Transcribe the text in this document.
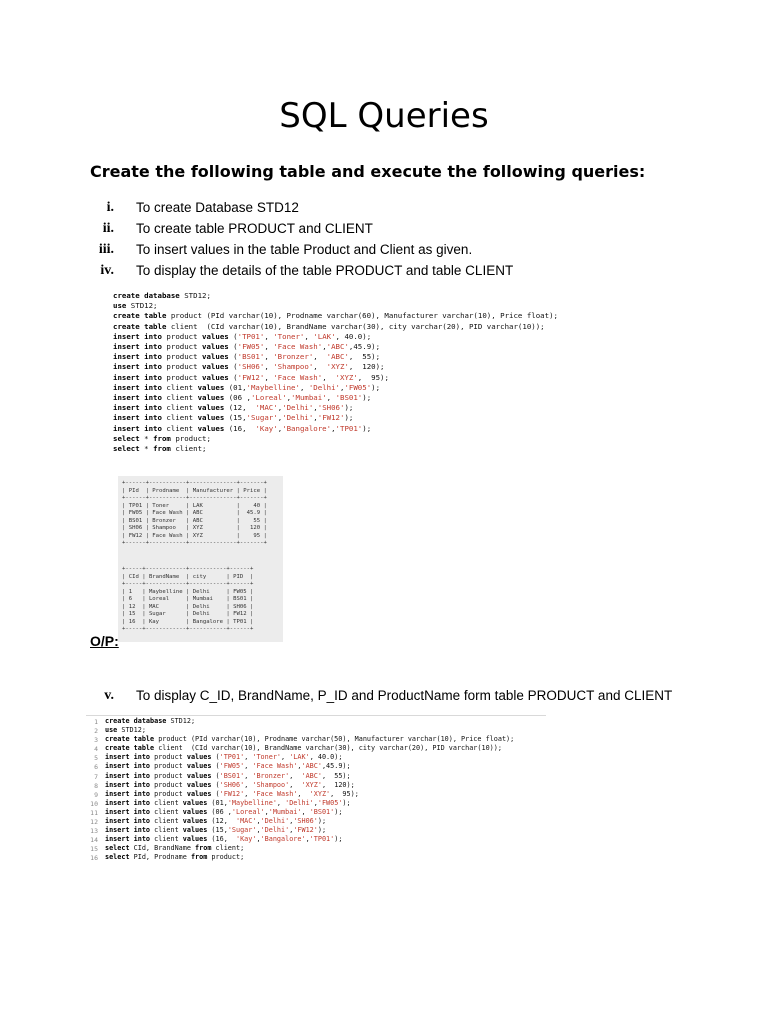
SQL Queries
Create the following table and execute the following queries:
i. To create Database STD12
ii. To create table PRODUCT and CLIENT
iii. To insert values in the table Product and Client as given.
iv. To display the details of the table PRODUCT and table CLIENT
create database STD12;
use STD12;
create table product (PId varchar(10), Prodname varchar(60), Manufacturer varchar(10), Price float);
create table client  (CId varchar(10), BrandName varchar(30), city varchar(20), PID varchar(10));
insert into product values ('TP01', 'Toner', 'LAK', 40.0);
insert into product values ('FW05', 'Face Wash','ABC',45.9);
insert into product values ('BS01', 'Bronzer',  'ABC',  55);
insert into product values ('SH06', 'Shampoo',  'XYZ',  120);
insert into product values ('FW12', 'Face Wash',  'XYZ',  95);
insert into client values (01,'Maybelline', 'Delhi','FW05');
insert into client values (06 ,'Loreal','Mumbai', 'BS01');
insert into client values (12,  'MAC','Delhi','SH06');
insert into client values (15,'Sugar','Delhi','FW12');
insert into client values (16,  'Kay','Bangalore','TP01');
select * from product;
select * from client;
+------+-----------+--------------+-------+
| PId  | Prodname  | Manufacturer | Price |
+------+-----------+--------------+-------+
| TP01 | Toner     | LAK          |    40 |
| FW05 | Face Wash | ABC          |  45.9 |
| BS01 | Bronzer   | ABC          |    55 |
| SH06 | Shampoo   | XYZ          |   120 |
| FW12 | Face Wash | XYZ          |    95 |
+------+-----------+--------------+-------+
+-----+------------+-----------+------+
| CId | BrandName  | city      | PID  |
+-----+------------+-----------+------+
| 1   | Maybelline | Delhi     | FW05 |
| 6   | Loreal     | Mumbai    | BS01 |
| 12  | MAC        | Delhi     | SH06 |
| 15  | Sugar      | Delhi     | FW12 |
| 16  | Kay        | Bangalore | TP01 |
+-----+------------+-----------+------+
O/P:
v. To display C_ID, BrandName, P_ID and ProductName form table PRODUCT and CLIENT
1
2
3
4
5
6
7
8
9
10
11
12
13
14
15
16
create database STD12;
use STD12;
create table product (PId varchar(10), Prodname varchar(50), Manufacturer varchar(10), Price float);
create table client  (CId varchar(10), BrandName varchar(30), city varchar(20), PID varchar(10));
insert into product values ('TP01', 'Toner', 'LAK', 40.0);
insert into product values ('FW05', 'Face Wash','ABC',45.9);
insert into product values ('BS01', 'Bronzer',  'ABC',  55);
insert into product values ('SH06', 'Shampoo',  'XYZ',  120);
insert into product values ('FW12', 'Face Wash',  'XYZ',  95);
insert into client values (01,'Maybelline', 'Delhi','FW05');
insert into client values (06 ,'Loreal','Mumbai', 'BS01');
insert into client values (12,  'MAC','Delhi','SH06');
insert into client values (15,'Sugar','Delhi','FW12');
insert into client values (16,  'Kay','Bangalore','TP01');
select CId, BrandName from client;
select PId, Prodname from product;
